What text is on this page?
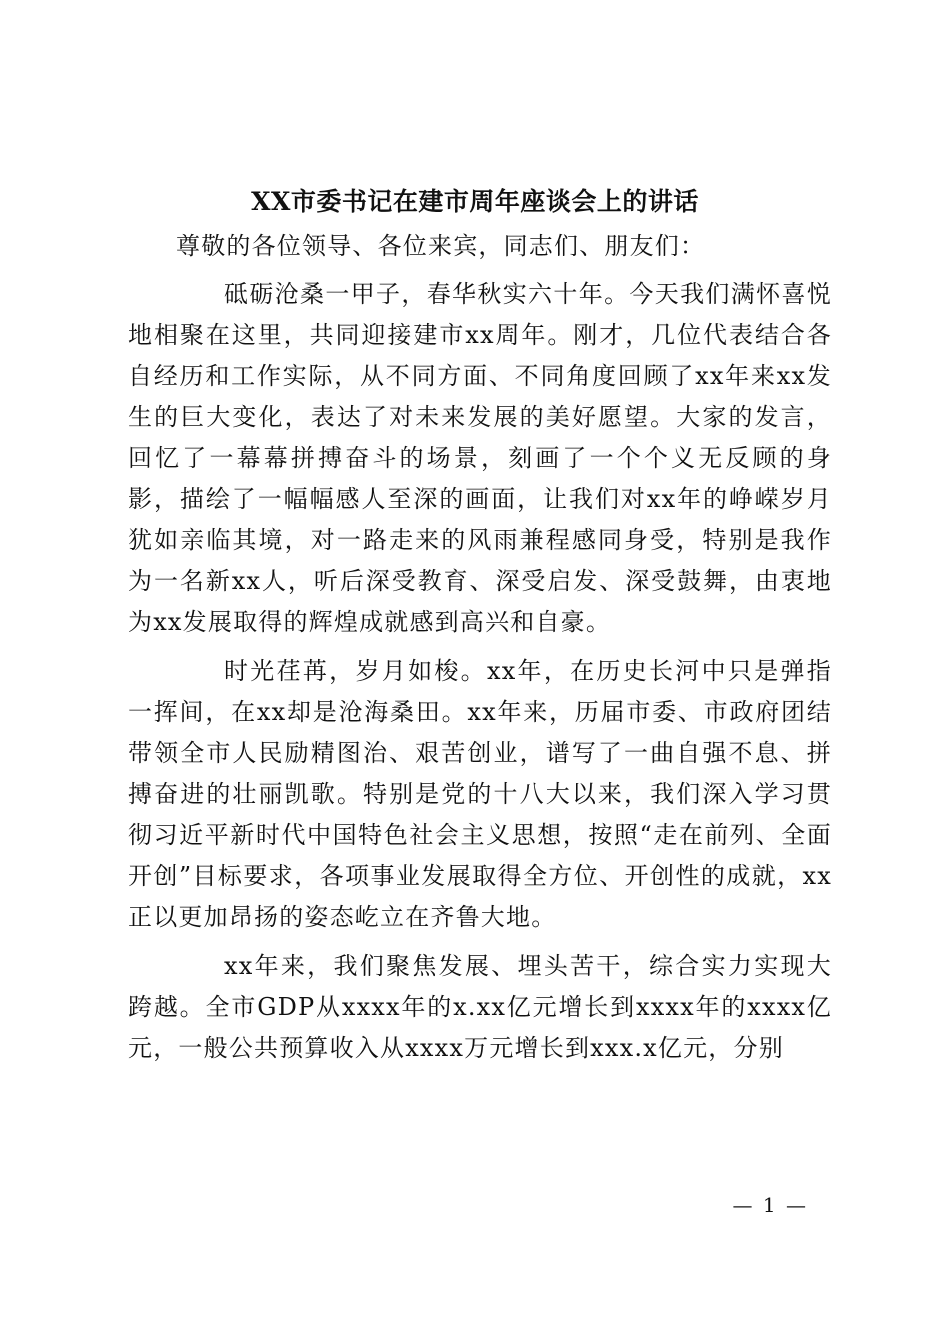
XX市委书记在建市周年座谈会上的讲话

尊敬的各位领导、各位来宾，同志们、朋友们：

砥砺沧桑一甲子，春华秋实六十年。今天我们满怀喜悦地相聚在这里，共同迎接建市xx周年。刚才，几位代表结合各自经历和工作实际，从不同方面、不同角度回顾了xx年来xx发生的巨大变化，表达了对未来发展的美好愿望。大家的发言，回忆了一幕幕拼搏奋斗的场景，刻画了一个个义无反顾的身影，描绘了一幅幅感人至深的画面，让我们对xx年的峥嵘岁月犹如亲临其境，对一路走来的风雨兼程感同身受，特别是我作为一名新xx人，听后深受教育、深受启发、深受鼓舞，由衷地为xx发展取得的辉煌成就感到高兴和自豪。

时光荏苒，岁月如梭。xx年，在历史长河中只是弹指一挥间，在xx却是沧海桑田。xx年来，历届市委、市政府团结带领全市人民励精图治、艰苦创业，谱写了一曲自强不息、拼搏奋进的壮丽凯歌。特别是党的十八大以来，我们深入学习贯彻习近平新时代中国特色社会主义思想，按照“走在前列、全面开创”目标要求，各项事业发展取得全方位、开创性的成就，xx正以更加昂扬的姿态屹立在齐鲁大地。

xx年来，我们聚焦发展、埋头苦干，综合实力实现大跨越。全市GDP从xxxx年的x.xx亿元增长到xxxx年的xxxx亿元，一般公共预算收入从xxxx万元增长到xxx.x亿元，分别

— 1 —
